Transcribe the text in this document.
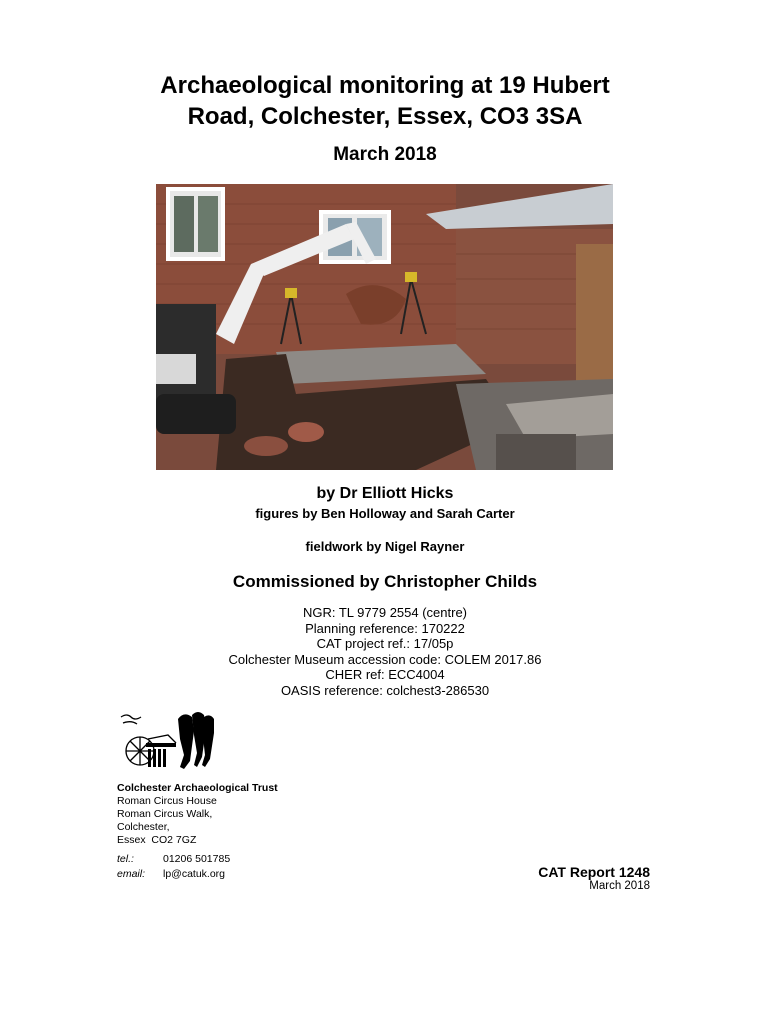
Archaeological monitoring at 19 Hubert
Road, Colchester, Essex, CO3 3SA
March 2018
by Dr Elliott Hicks
figures by Ben Holloway and Sarah Carter
fieldwork by Nigel Rayner
Commissioned by Christopher Childs
NGR: TL 9779 2554 (centre)
Planning reference: 170222
CAT project ref.: 17/05p
Colchester Museum accession code: COLEM 2017.86
CHER ref: ECC4004
OASIS reference: colchest3-286530
Colchester Archaeological Trust
Roman Circus House
Roman Circus Walk,
Colchester,
Essex  CO2 7GZ
tel.:	01206 501785
email:	lp@catuk.org	CAT Report 1248
March 2018
